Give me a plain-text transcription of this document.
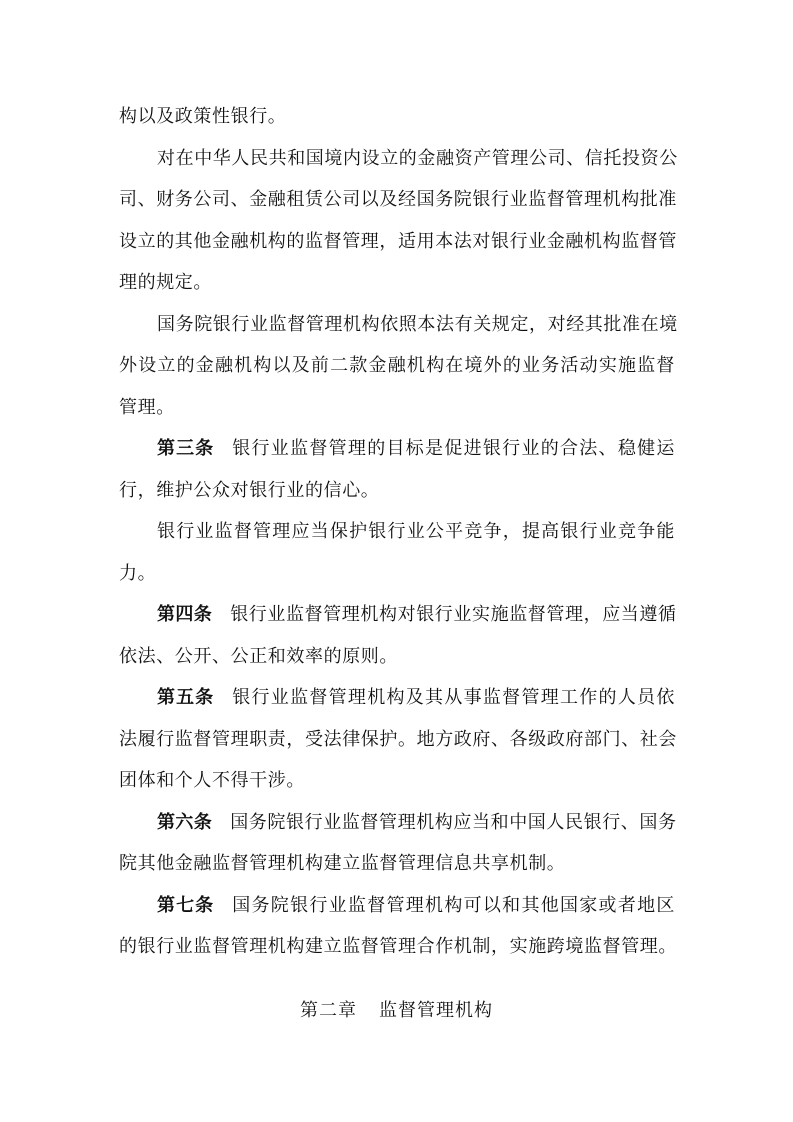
构以及政策性银行。
对在中华人民共和国境内设立的金融资产管理公司、信托投资公
司、财务公司、金融租赁公司以及经国务院银行业监督管理机构批准
设立的其他金融机构的监督管理，适用本法对银行业金融机构监督管
理的规定。
国务院银行业监督管理机构依照本法有关规定，对经其批准在境
外设立的金融机构以及前二款金融机构在境外的业务活动实施监督
管理。
第三条 银行业监督管理的目标是促进银行业的合法、稳健运
行，维护公众对银行业的信心。
银行业监督管理应当保护银行业公平竞争，提高银行业竞争能
力。
第四条 银行业监督管理机构对银行业实施监督管理，应当遵循
依法、公开、公正和效率的原则。
第五条 银行业监督管理机构及其从事监督管理工作的人员依
法履行监督管理职责，受法律保护。地方政府、各级政府部门、社会
团体和个人不得干涉。
第六条 国务院银行业监督管理机构应当和中国人民银行、国务
院其他金融监督管理机构建立监督管理信息共享机制。
第七条 国务院银行业监督管理机构可以和其他国家或者地区
的银行业监督管理机构建立监督管理合作机制，实施跨境监督管理。
第二章 监督管理机构
